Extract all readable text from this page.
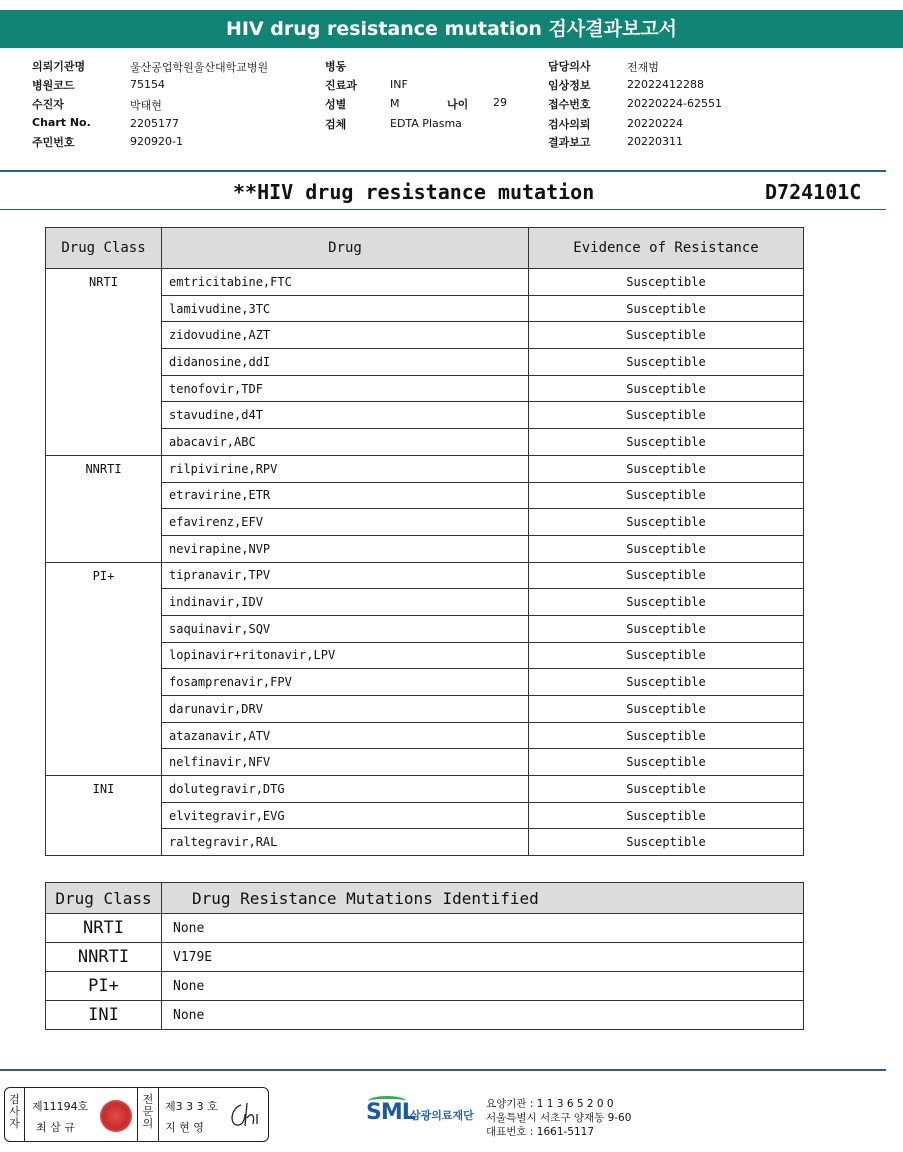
HIV drug resistance mutation 검사결과보고서
의뢰기관명	울산공업학원울산대학교병원
병원코드	75154
수진자	박태현
Chart No.	2205177
주민번호	920920-1
병동
진료과	INF
성별	M
검체	EDTA Plasma
담당의사	전재범
임상정보	22022412288
접수번호	20220224-62551
검사의뢰	20220224
결과보고	20220311
나이 29
**HIV drug resistance mutation	D724101C
Drug Class	Drug	Evidence of Resistance
NRTI	emtricitabine,FTC	Susceptible
	lamivudine,3TC	Susceptible
	zidovudine,AZT	Susceptible
	didanosine,ddI	Susceptible
	tenofovir,TDF	Susceptible
	stavudine,d4T	Susceptible
	abacavir,ABC	Susceptible
NNRTI	rilpivirine,RPV	Susceptible
	etravirine,ETR	Susceptible
	efavirenz,EFV	Susceptible
	nevirapine,NVP	Susceptible
PI+	tipranavir,TPV	Susceptible
	indinavir,IDV	Susceptible
	saquinavir,SQV	Susceptible
	lopinavir+ritonavir,LPV	Susceptible
	fosamprenavir,FPV	Susceptible
	darunavir,DRV	Susceptible
	atazanavir,ATV	Susceptible
	nelfinavir,NFV	Susceptible
INI	dolutegravir,DTG	Susceptible
	elvitegravir,EVG	Susceptible
	raltegravir,RAL	Susceptible
Drug Class	Drug Resistance Mutations Identified
NRTI	None
NNRTI	V179E
PI+	None
INI	None
검
사
자
제11194호
최 삼 규
전
문
의
제3 3 3 호
지 현 영
SML
삼광의료재단
요양기관 : 1 1 3 6 5 2 0 0
서울특별시 서초구 양재동 9-60
대표번호 : 1661-5117
